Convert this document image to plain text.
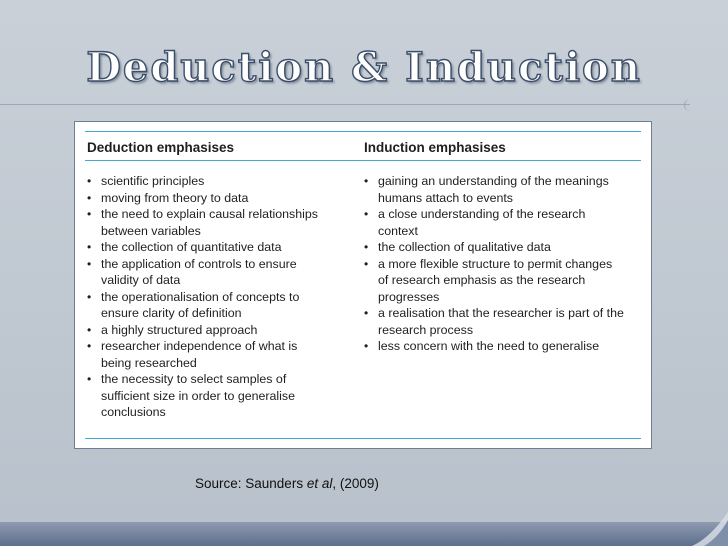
Deduction & Induction
Deduction emphasises	Induction emphasises
• scientific principles
• moving from theory to data
• the need to explain causal relationships
between variables
• the collection of quantitative data
• the application of controls to ensure
validity of data
• the operationalisation of concepts to
ensure clarity of definition
• a highly structured approach
• researcher independence of what is
being researched
• the necessity to select samples of
sufficient size in order to generalise
conclusions
• gaining an understanding of the meanings
humans attach to events
• a close understanding of the research
context
• the collection of qualitative data
• a more flexible structure to permit changes
of research emphasis as the research
progresses
• a realisation that the researcher is part of the
research process
• less concern with the need to generalise
Source: Saunders et al, (2009)
